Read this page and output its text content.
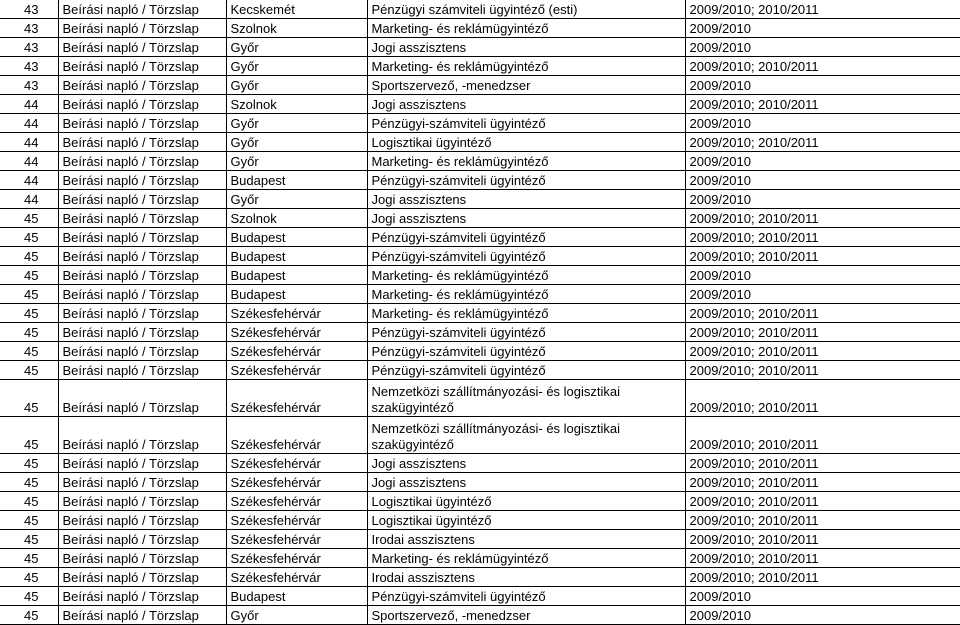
43	Beírási napló / Törzslap	Kecskemét	Pénzügyi számviteli ügyintéző (esti)	2009/2010; 2010/2011
43	Beírási napló / Törzslap	Szolnok	Marketing- és reklámügyintéző	2009/2010
43	Beírási napló / Törzslap	Győr	Jogi asszisztens	2009/2010
43	Beírási napló / Törzslap	Győr	Marketing- és reklámügyintéző	2009/2010; 2010/2011
43	Beírási napló / Törzslap	Győr	Sportszervező, -menedzser	2009/2010
44	Beírási napló / Törzslap	Szolnok	Jogi asszisztens	2009/2010; 2010/2011
44	Beírási napló / Törzslap	Győr	Pénzügyi-számviteli ügyintéző	2009/2010
44	Beírási napló / Törzslap	Győr	Logisztikai ügyintéző	2009/2010; 2010/2011
44	Beírási napló / Törzslap	Győr	Marketing- és reklámügyintéző	2009/2010
44	Beírási napló / Törzslap	Budapest	Pénzügyi-számviteli ügyintéző	2009/2010
44	Beírási napló / Törzslap	Győr	Jogi asszisztens	2009/2010
45	Beírási napló / Törzslap	Szolnok	Jogi asszisztens	2009/2010; 2010/2011
45	Beírási napló / Törzslap	Budapest	Pénzügyi-számviteli ügyintéző	2009/2010; 2010/2011
45	Beírási napló / Törzslap	Budapest	Pénzügyi-számviteli ügyintéző	2009/2010; 2010/2011
45	Beírási napló / Törzslap	Budapest	Marketing- és reklámügyintéző	2009/2010
45	Beírási napló / Törzslap	Budapest	Marketing- és reklámügyintéző	2009/2010
45	Beírási napló / Törzslap	Székesfehérvár	Marketing- és reklámügyintéző	2009/2010; 2010/2011
45	Beírási napló / Törzslap	Székesfehérvár	Pénzügyi-számviteli ügyintéző	2009/2010; 2010/2011
45	Beírási napló / Törzslap	Székesfehérvár	Pénzügyi-számviteli ügyintéző	2009/2010; 2010/2011
45	Beírási napló / Törzslap	Székesfehérvár	Pénzügyi-számviteli ügyintéző	2009/2010; 2010/2011
45	Beírási napló / Törzslap	Székesfehérvár	Nemzetközi szállítmányozási- és logisztikai szakügyintéző	2009/2010; 2010/2011
45	Beírási napló / Törzslap	Székesfehérvár	Nemzetközi szállítmányozási- és logisztikai szakügyintéző	2009/2010; 2010/2011
45	Beírási napló / Törzslap	Székesfehérvár	Jogi asszisztens	2009/2010; 2010/2011
45	Beírási napló / Törzslap	Székesfehérvár	Jogi asszisztens	2009/2010; 2010/2011
45	Beírási napló / Törzslap	Székesfehérvár	Logisztikai ügyintéző	2009/2010; 2010/2011
45	Beírási napló / Törzslap	Székesfehérvár	Logisztikai ügyintéző	2009/2010; 2010/2011
45	Beírási napló / Törzslap	Székesfehérvár	Irodai asszisztens	2009/2010; 2010/2011
45	Beírási napló / Törzslap	Székesfehérvár	Marketing- és reklámügyintéző	2009/2010; 2010/2011
45	Beírási napló / Törzslap	Székesfehérvár	Irodai asszisztens	2009/2010; 2010/2011
45	Beírási napló / Törzslap	Budapest	Pénzügyi-számviteli ügyintéző	2009/2010
45	Beírási napló / Törzslap	Győr	Sportszervező, -menedzser	2009/2010
